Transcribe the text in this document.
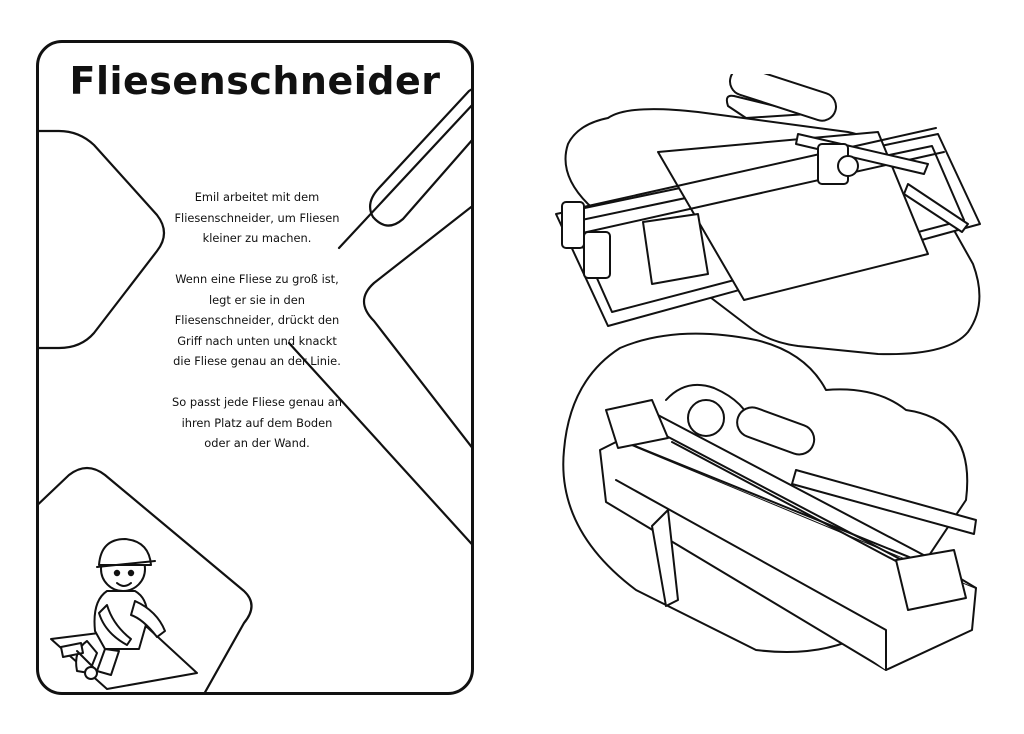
Fliesenschneider

Emil arbeitet mit dem Fliesenschneider, um Fliesen kleiner zu machen.

Wenn eine Fliese zu groß ist, legt er sie in den Fliesenschneider, drückt den Griff nach unten und knackt die Fliese genau an der Linie.

So passt jede Fliese genau an ihren Platz auf dem Boden oder an der Wand.
